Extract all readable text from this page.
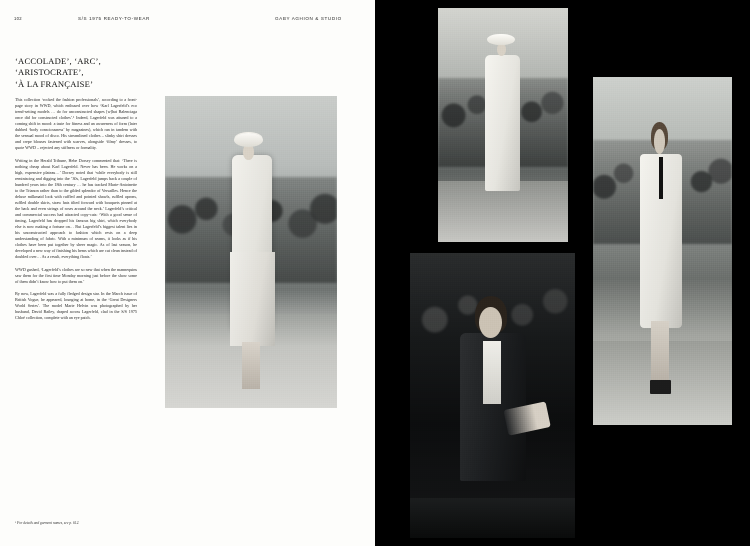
102	S/S 1975 READY-TO-WEAR	GABY AGHION & STUDIO
‘ACCOLADE’, ‘ARC’,
‘ARISTOCRATE’,
‘À LA FRANÇAISE’

This collection ‘rocked the fashion professionals’, according to a front-page story in WWD, which enthused over how ‘Karl Lagerfeld’s eco trend-setting models … do for unconstructed shapes [w]hat Balenciaga once did for constructed clothes’.¹ Indeed, Lagerfeld was attuned to a coming shift in mood: a taste for fitness and an awareness of form (later dubbed ‘body consciousness’ by magazines), which ran in tandem with the sensual mood of disco. His streamlined clothes – slinky shirt dresses and crepe blouses fastened with scarves, alongside ‘filmy’ dresses, to quote WWD – rejected any stiffness or formality.

Writing in the Herald Tribune, Hebe Dorsey commented that: ‘There is nothing cheap about Karl Lagerfeld. Never has been. He works on a high, expensive plateau…’ Dorsey noted that ‘while everybody is still reminiscing and digging into the ’30s, Lagerfeld jumps back a couple of hundred years into the 18th century … he has tracked Marie-Antoinette to the Trianon rather than to the gilded splendor of Versailles. Hence the deluxe milkmaid look with ruffled and pointed shawls, ruffled aprons, ruffled double skirts, straw hats tilted forward with bouquets pinned at the back and even strings of roses around the neck.’ Lagerfeld’s critical and commercial success had attracted copy-cats: ‘With a good sense of timing, Lagerfeld has dropped his famous big shirt, which everybody else is now making a fortune on… But Lagerfeld’s biggest talent lies in his unconstructed approach to fashion which rests on a deep understanding of fabric. With a minimum of seams, it looks as if his clothes have been put together by sheer magic. As of last season, he developed a new way of finishing his hems which are cut clean instead of doubled over… As a result, everything floats.’

WWD gushed, ‘Lagerfeld’s clothes are so new that when the mannequins saw them for the first time Monday morning just before the show some of them didn’t know how to put them on.’

By now, Lagerfeld was a fully fledged design star. In the March issue of British Vogue, he appeared, lounging at home, in the ‘Great Designers World Series’. The model Marie Helvin was photographed by her husband, David Bailey, draped across Lagerfeld, clad in the S/S 1975 Chloé collection, complete with an eye patch.

¹ For details and garment names, see p. 612.
